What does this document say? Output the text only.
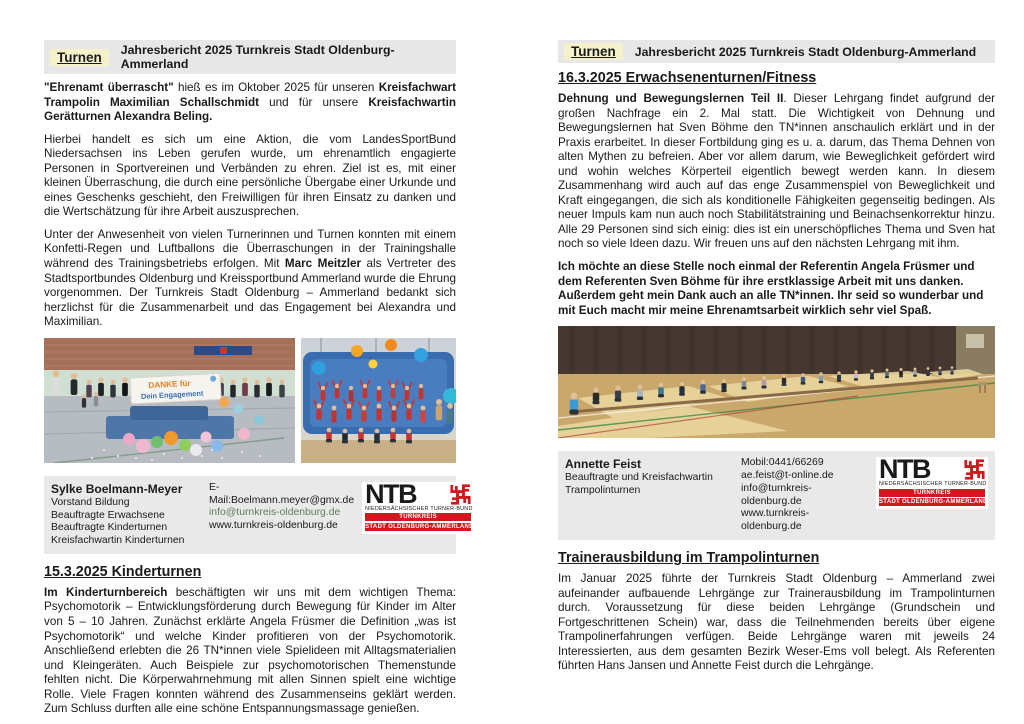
Turnen	Jahresbericht 2025 Turnkreis Stadt Oldenburg-Ammerland

"Ehrenamt überrascht" hieß es im Oktober 2025 für unseren Kreisfachwart Trampolin Maximilian Schallschmidt und für unsere Kreisfachwartin Gerätturnen Alexandra Beling.

Hierbei handelt es sich um eine Aktion, die vom LandesSportBund Niedersachsen ins Leben gerufen wurde, um ehrenamtlich engagierte Personen in Sportvereinen und Verbänden zu ehren. Ziel ist es, mit einer kleinen Überraschung, die durch eine persönliche Übergabe einer Urkunde und eines Geschenks geschieht, den Freiwilligen für ihren Einsatz zu danken und die Wertschätzung für ihre Arbeit auszusprechen.

Unter der Anwesenheit von vielen Turnerinnen und Turnen konnten mit einem Konfetti-Regen und Luftballons die Überraschungen in der Trainingshalle während des Trainingsbetriebs erfolgen. Mit Marc Meitzler als Vertreter des Stadtsportbundes Oldenburg und Kreissportbund Ammerland wurde die Ehrung vorgenommen. Der Turnkreis Stadt Oldenburg – Ammerland bedankt sich herzlichst für die Zusammenarbeit und das Engagement bei Alexandra und Maximilian.

DANKE für
Dein Engagement
Sylke Boelmann-Meyer
Vorstand Bildung
Beauftragte Erwachsene
Beauftragte Kinderturnen
Kreisfachwartin Kinderturnen
E-Mail:Boelmann.meyer@gmx.de
info@turnkreis-oldenburg.de
www.turnkreis-oldenburg.de
NTB
NIEDERSÄCHSISCHER TURNER-BUND
TURNKREIS
STADT OLDENBURG-AMMERLAND
15.3.2025 Kinderturnen

Im Kinderturnbereich beschäftigten wir uns mit dem wichtigen Thema: Psychomotorik – Entwicklungsförderung durch Bewegung für Kinder im Alter von 5 – 10 Jahren. Zunächst erklärte Angela Früsmer die Definition „was ist Psychomotorik“ und welche Kinder profitieren von der Psychomotorik. Anschließend erlebten die 26 TN*innen viele Spielideen mit Alltagsmaterialien und Kleingeräten. Auch Beispiele zur psychomotorischen Themenstunde fehlten nicht. Die Körperwahrnehmung mit allen Sinnen spielt eine wichtige Rolle. Viele Fragen konnten während des Zusammenseins geklärt werden. Zum Schluss durften alle eine schöne Entspannungsmassage genießen.

Turnen	Jahresbericht 2025 Turnkreis Stadt Oldenburg-Ammerland
16.3.2025 Erwachsenenturnen/Fitness

Dehnung und Bewegungslernen Teil II. Dieser Lehrgang findet aufgrund der großen Nachfrage ein 2. Mal statt. Die Wichtigkeit von Dehnung und Bewegungslernen hat Sven Böhme den TN*innen anschaulich erklärt und in der Praxis erarbeitet. In dieser Fortbildung ging es u. a. darum, das Thema Dehnen von alten Mythen zu befreien. Aber vor allem darum, wie Beweglichkeit gefördert wird und wohin welches Körperteil eigentlich bewegt werden kann. In diesem Zusammenhang wird auch auf das enge Zusammenspiel von Beweglichkeit und Kraft eingegangen, die sich als konditionelle Fähigkeiten gegenseitig bedingen. Als neuer Impuls kam nun auch noch Stabilitätstraining und Beinachsenkorrektur hinzu. Alle 29 Personen sind sich einig: dies ist ein unerschöpfliches Thema und Sven hat noch so viele Ideen dazu. Wir freuen uns auf den nächsten Lehrgang mit ihm.

Ich möchte an diese Stelle noch einmal der Referentin Angela Früsmer und dem Referenten Sven Böhme für ihre erstklassige Arbeit mit uns danken. Außerdem geht mein Dank auch an alle TN*innen. Ihr seid so wunderbar und mit Euch macht mir meine Ehrenamtsarbeit wirklich sehr viel Spaß.

Annette Feist
Beauftragte und Kreisfachwartin
Trampolinturnen
Mobil:0441/66269
ae.feist@t-online.de
info@turnkreis-oldenburg.de
www.turnkreis-oldenburg.de
NTB
NIEDERSÄCHSISCHER TURNER-BUND
TURNKREIS
STADT OLDENBURG-AMMERLAND
Trainerausbildung im Trampolinturnen

Im Januar 2025 führte der Turnkreis Stadt Oldenburg – Ammerland zwei aufeinander aufbauende Lehrgänge zur Trainerausbildung im Trampolinturnen durch. Voraussetzung für diese beiden Lehrgänge (Grundschein und Fortgeschrittenen Schein) war, dass die Teilnehmenden bereits über eigene Trampolinerfahrungen verfügen. Beide Lehrgänge waren mit jeweils 24 Interessierten, aus dem gesamten Bezirk Weser-Ems voll belegt. Als Referenten führten Hans Jansen und Annette Feist durch die Lehrgänge.
